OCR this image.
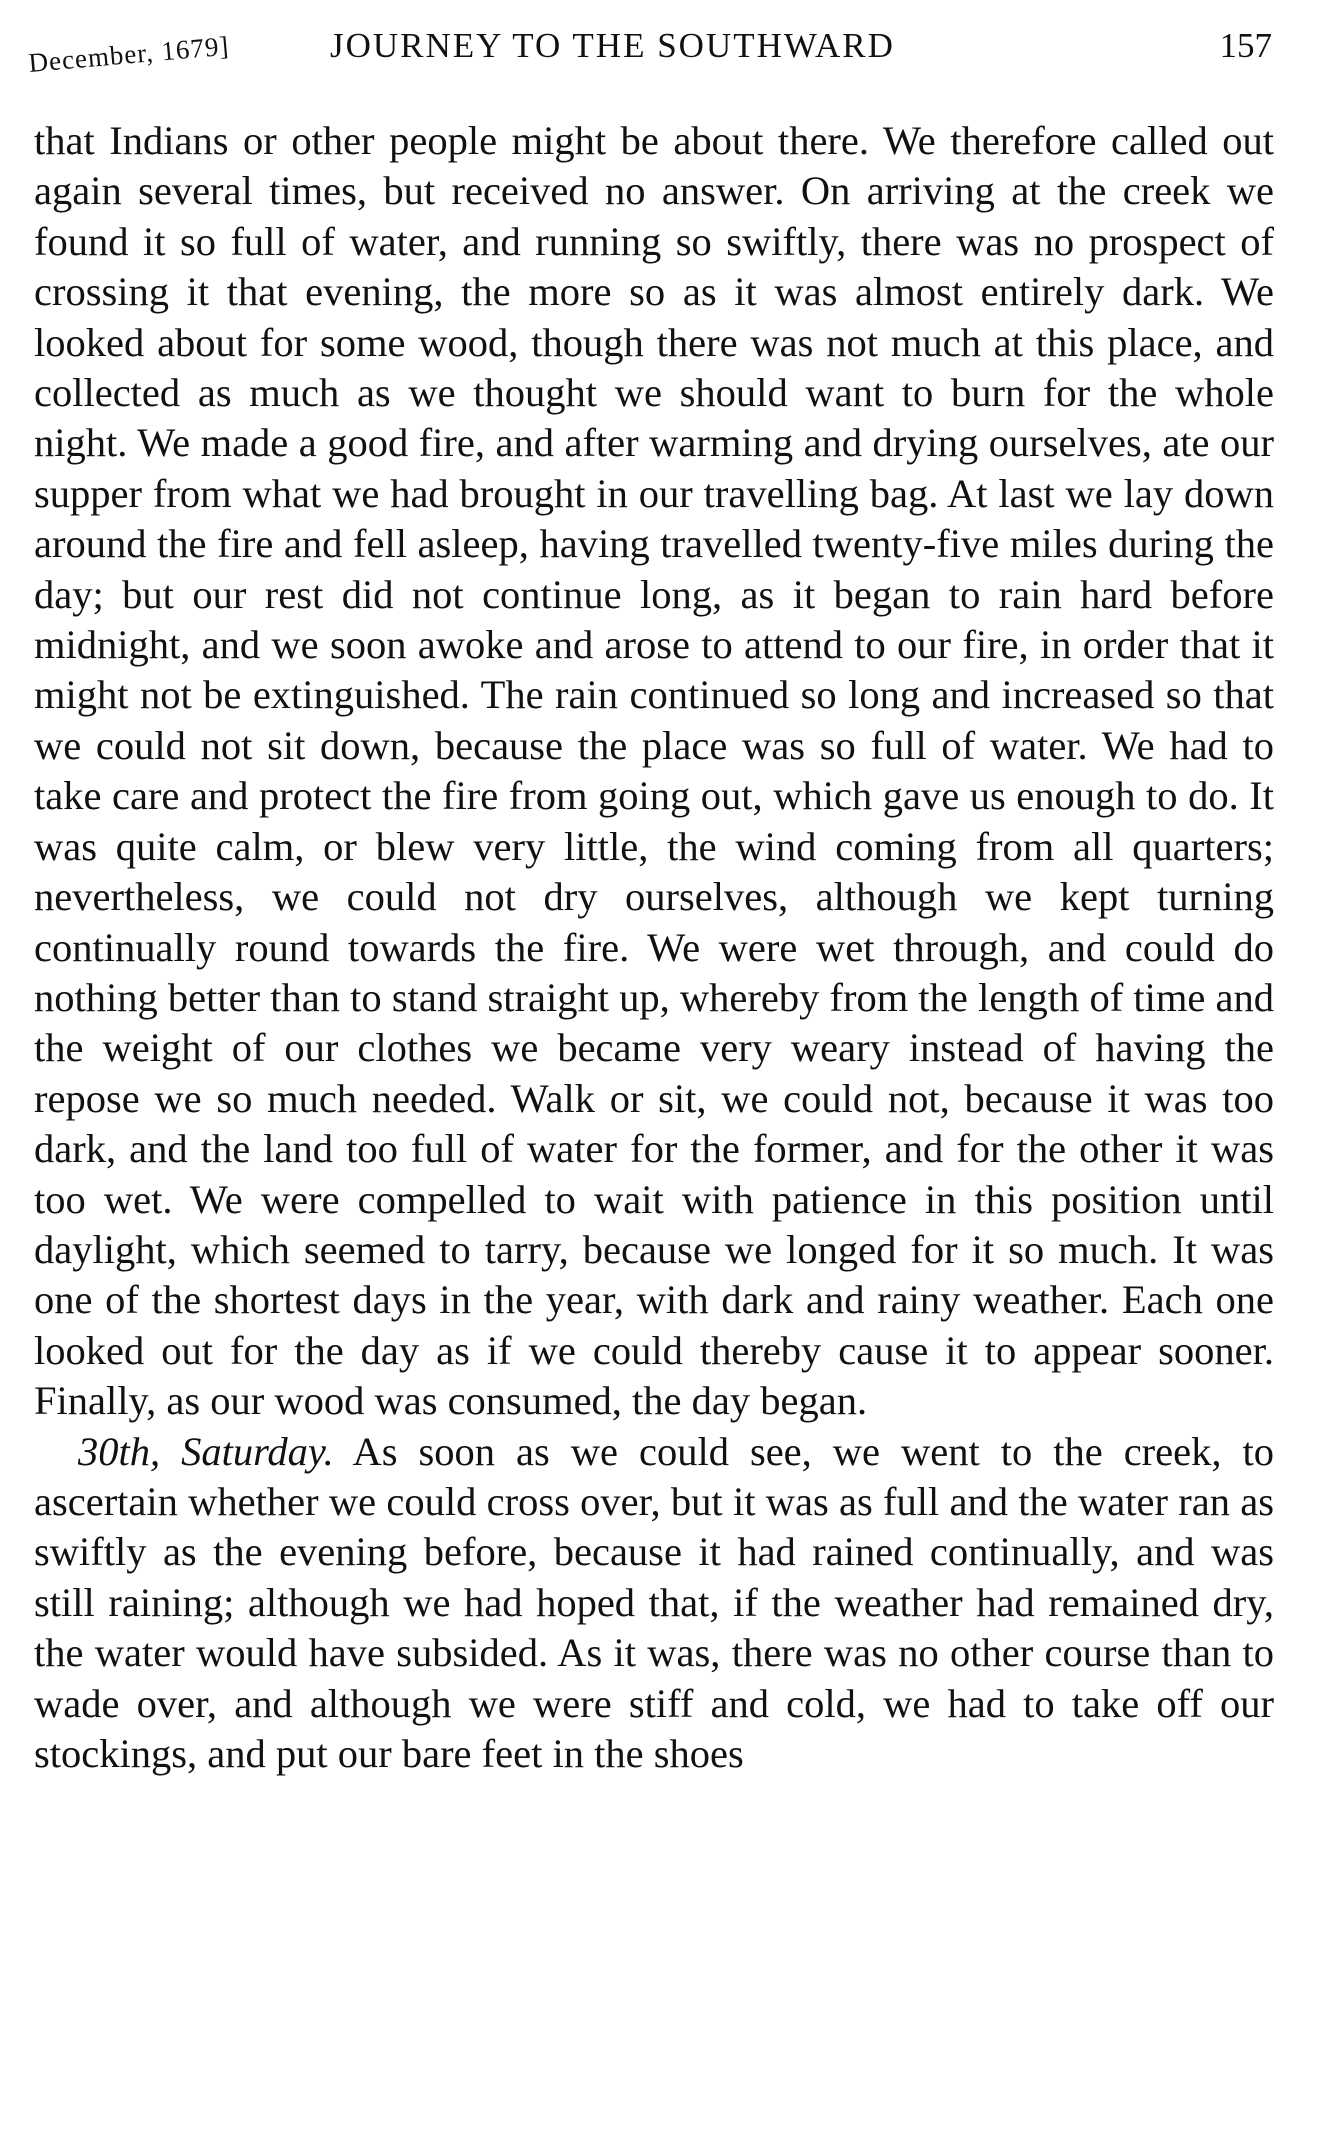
December, 1679]	JOURNEY TO THE SOUTHWARD	157

that Indians or other people might be about there. We therefore called out again several times, but received no answer. On arriving at the creek we found it so full of water, and running so swiftly, there was no prospect of crossing it that evening, the more so as it was almost entirely dark. We looked about for some wood, though there was not much at this place, and collected as much as we thought we should want to burn for the whole night. We made a good fire, and after warming and drying ourselves, ate our supper from what we had brought in our travelling bag. At last we lay down around the fire and fell asleep, having travelled twenty-five miles during the day; but our rest did not continue long, as it began to rain hard before midnight, and we soon awoke and arose to attend to our fire, in order that it might not be extinguished. The rain continued so long and increased so that we could not sit down, because the place was so full of water. We had to take care and protect the fire from going out, which gave us enough to do. It was quite calm, or blew very little, the wind coming from all quarters; nevertheless, we could not dry ourselves, although we kept turning continually round towards the fire. We were wet through, and could do nothing better than to stand straight up, whereby from the length of time and the weight of our clothes we became very weary instead of having the repose we so much needed. Walk or sit, we could not, because it was too dark, and the land too full of water for the former, and for the other it was too wet. We were compelled to wait with patience in this position until daylight, which seemed to tarry, because we longed for it so much. It was one of the shortest days in the year, with dark and rainy weather. Each one looked out for the day as if we could thereby cause it to appear sooner. Finally, as our wood was consumed, the day began.

30th, Saturday. As soon as we could see, we went to the creek, to ascertain whether we could cross over, but it was as full and the water ran as swiftly as the evening before, because it had rained continually, and was still raining; although we had hoped that, if the weather had remained dry, the water would have subsided. As it was, there was no other course than to wade over, and although we were stiff and cold, we had to take off our stockings, and put our bare feet in the shoes
